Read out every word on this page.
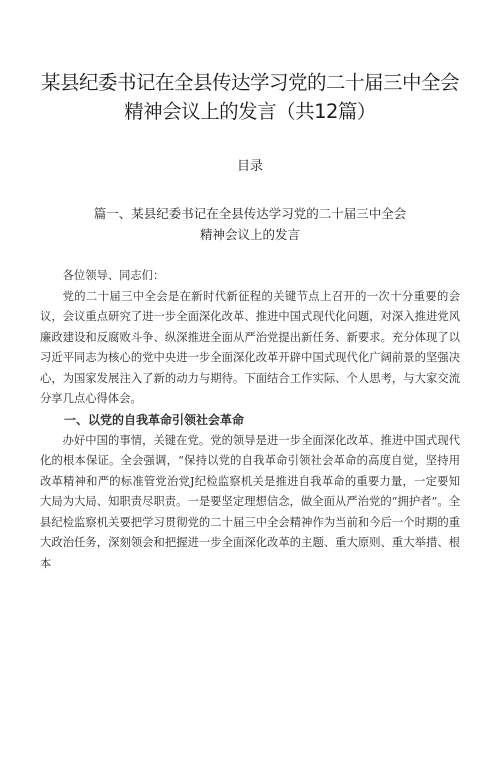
某县纪委书记在全县传达学习党的二十届三中全会
精神会议上的发言（共12篇）
目录
篇一、某县纪委书记在全县传达学习党的二十届三中全会
精神会议上的发言

各位领导、同志们：

党的二十届三中全会是在新时代新征程的关键节点上召开的一次十分重要的会议，会议重点研究了进一步全面深化改革、推进中国式现代化问题，对深入推进党风廉政建设和反腐败斗争、纵深推进全面从严治党提出新任务、新要求。充分体现了以习近平同志为核心的党中央进一步全面深化改革开辟中国式现代化广阔前景的坚强决心，为国家发展注入了新的动力与期待。下面结合工作实际、个人思考，与大家交流分享几点心得体会。

一、以党的自我革命引领社会革命

办好中国的事情，关键在党。党的领导是进一步全面深化改革、推进中国式现代化的根本保证。全会强调，“保持以党的自我革命引领社会革命的高度自觉，坚持用改革精神和严的标准管党治党J纪检监察机关是推进自我革命的重要力量，一定要知大局为大局、知职责尽职责。一是要坚定理想信念，做全面从严治党的“拥护者”。全县纪检监察机关要把学习贯彻党的二十届三中全会精神作为当前和今后一个时期的重大政治任务，深刻领会和把握进一步全面深化改革的主题、重大原则、重大举措、根本
